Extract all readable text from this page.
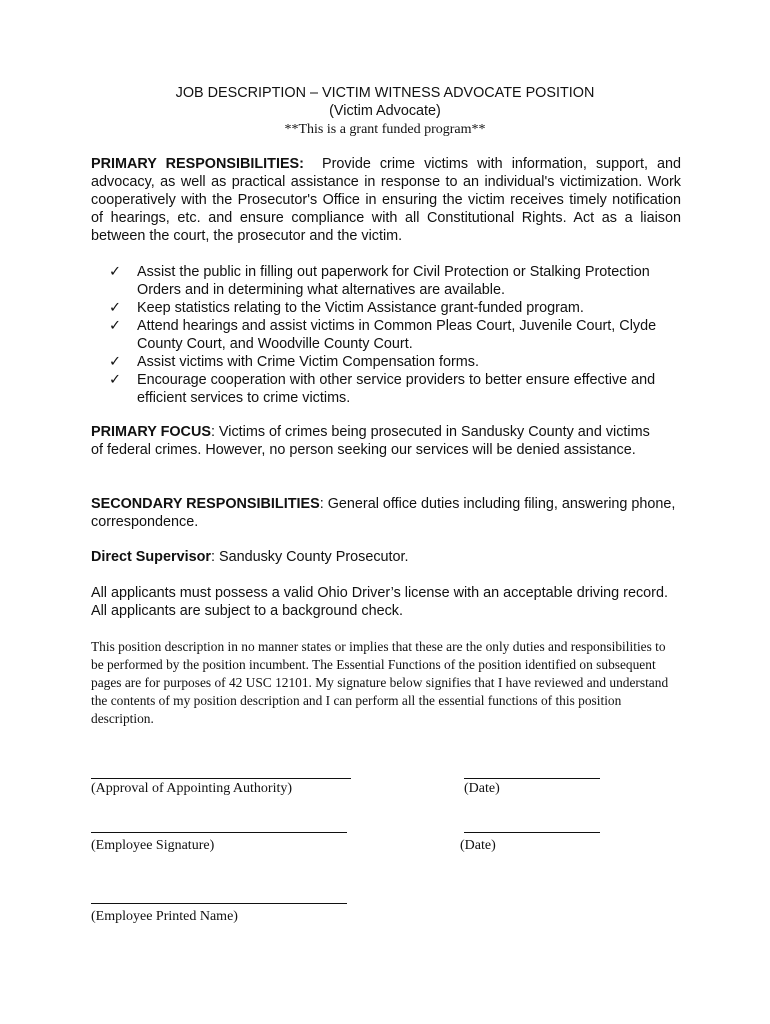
JOB DESCRIPTION – VICTIM WITNESS ADVOCATE POSITION
(Victim Advocate)
**This is a grant funded program**
PRIMARY RESPONSIBILITIES: Provide crime victims with information, support, and advocacy, as well as practical assistance in response to an individual's victimization. Work cooperatively with the Prosecutor's Office in ensuring the victim receives timely notification of hearings, etc. and ensure compliance with all Constitutional Rights. Act as a liaison between the court, the prosecutor and the victim.
✓	Assist the public in filling out paperwork for Civil Protection or Stalking Protection Orders and in determining what alternatives are available.
✓	Keep statistics relating to the Victim Assistance grant-funded program.
✓	Attend hearings and assist victims in Common Pleas Court, Juvenile Court, Clyde County Court, and Woodville County Court.
✓	Assist victims with Crime Victim Compensation forms.
✓	Encourage cooperation with other service providers to better ensure effective and efficient services to crime victims.
PRIMARY FOCUS: Victims of crimes being prosecuted in Sandusky County and victims of federal crimes. However, no person seeking our services will be denied assistance.
SECONDARY RESPONSIBILITIES: General office duties including filing, answering phone, correspondence.
Direct Supervisor: Sandusky County Prosecutor.
All applicants must possess a valid Ohio Driver’s license with an acceptable driving record. All applicants are subject to a background check.
This position description in no manner states or implies that these are the only duties and responsibilities to be performed by the position incumbent. The Essential Functions of the position identified on subsequent pages are for purposes of 42 USC 12101. My signature below signifies that I have reviewed and understand the contents of my position description and I can perform all the essential functions of this position description.
(Approval of Appointing Authority)	(Date)
(Employee Signature)	(Date)
(Employee Printed Name)
